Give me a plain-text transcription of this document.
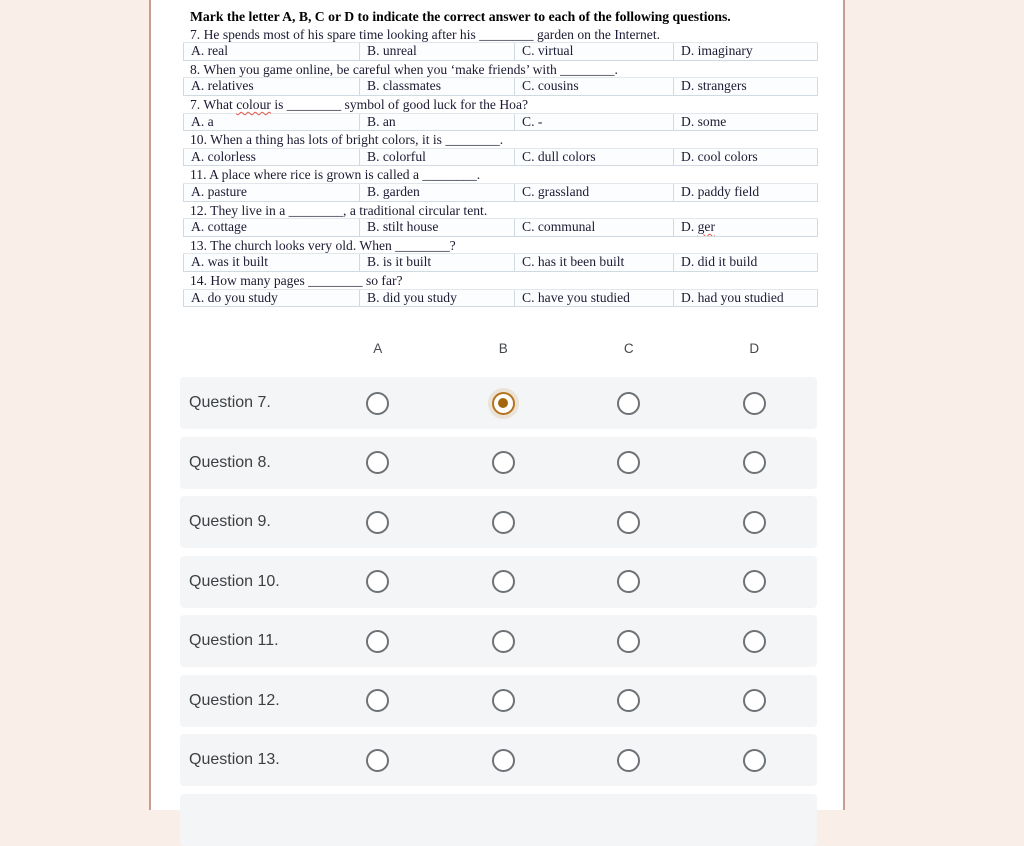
Mark the letter A, B, C or D to indicate the correct answer to each of the following questions.
7. He spends most of his spare time looking after his ________ garden on the Internet.
A. real	B. unreal	C. virtual	D. imaginary
8. When you game online, be careful when you ‘make friends’ with ________.
A. relatives	B. classmates	C. cousins	D. strangers
7. What colour is ________ symbol of good luck for the Hoa?
A. a	B. an	C. -	D. some
10. When a thing has lots of bright colors, it is ________.
A. colorless	B. colorful	C. dull colors	D. cool colors
11. A place where rice is grown is called a ________.
A. pasture	B. garden	C. grassland	D. paddy field
12. They live in a ________, a traditional circular tent.
A. cottage	B. stilt house	C. communal	D. ger
13. The church looks very old. When ________?
A. was it built	B. is it built	C. has it been built	D. did it build
14. How many pages ________ so far?
A. do you study	B. did you study	C. have you studied	D. had you studied
A	B	C	D
Question 7.
Question 8.
Question 9.
Question 10.
Question 11.
Question 12.
Question 13.
